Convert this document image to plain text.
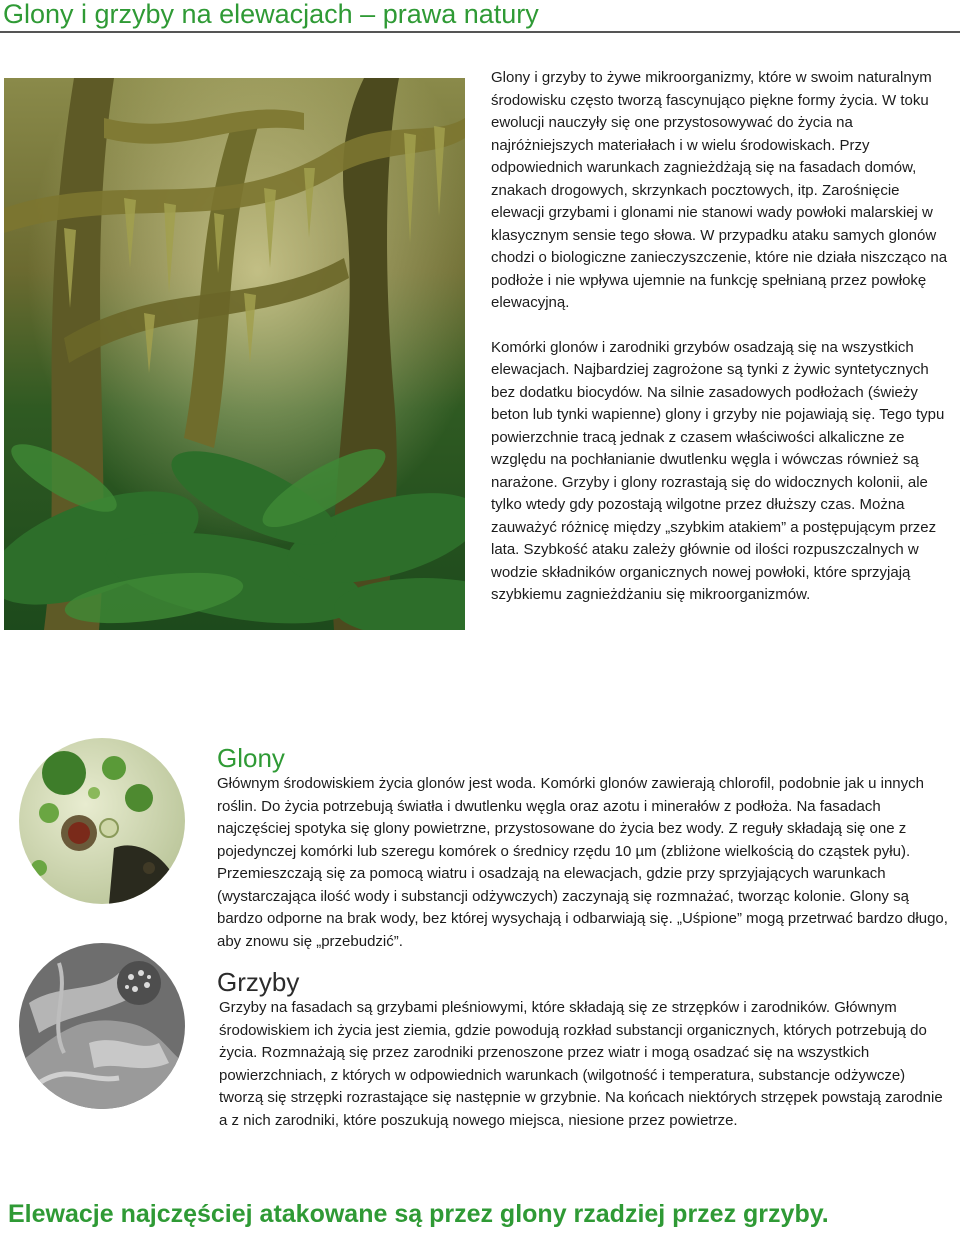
Glony i grzyby na elewacjach – prawa natury

Glony i grzyby to żywe mikroorganizmy, które w swoim naturalnym środowisku często tworzą fascynująco piękne formy życia. W toku ewolucji nauczyły się one przystosowywać do życia na najróżniejszych materiałach i w wielu środowiskach. Przy odpowiednich warunkach zagnieżdżają się na fasadach domów, znakach drogowych, skrzynkach pocztowych, itp. Zarośnięcie elewacji grzybami i glonami nie stanowi wady powłoki malarskiej w klasycznym sensie tego słowa. W przypadku ataku samych glonów chodzi o biologiczne zanieczyszczenie, które nie działa niszcząco na podłoże i nie wpływa ujemnie na funkcję spełnianą przez powłokę elewacyjną.

Komórki glonów i zarodniki grzybów osadzają się na wszystkich elewacjach. Najbardziej zagrożone są tynki z żywic syntetycznych bez dodatku biocydów. Na silnie zasadowych podłożach (świeży beton lub tynki wapienne) glony i grzyby nie pojawiają się. Tego typu powierzchnie tracą jednak z czasem właściwości alkaliczne ze względu na pochłanianie dwutlenku węgla i wówczas również są narażone. Grzyby i glony rozrastają się do widocznych kolonii, ale tylko wtedy gdy pozostają wilgotne przez dłuższy czas. Można zauważyć różnicę między „szybkim atakiem” a postępującym przez lata. Szybkość ataku zależy głównie od ilości rozpuszczalnych w wodzie składników organicznych nowej powłoki, które sprzyjają szybkiemu zagnieżdżaniu się mikroorganizmów.

Glony

Głównym środowiskiem życia glonów jest woda. Komórki glonów zawierają chlorofil, podobnie jak u innych roślin. Do życia potrzebują światła i dwutlenku węgla oraz azotu i minerałów z podłoża. Na fasadach najczęściej spotyka się glony powietrzne, przystosowane do życia bez wody. Z reguły składają się one z pojedynczej komórki lub szeregu komórek o średnicy rzędu 10 µm (zbliżone wielkością do cząstek pyłu). Przemieszczają się za pomocą wiatru i osadzają na elewacjach, gdzie przy sprzyjających warunkach (wystarczająca ilość wody i substancji odżywczych) zaczynają się rozmnażać, tworząc kolonie. Glony są bardzo odporne na brak wody, bez której wysychają i odbarwiają się. „Uśpione” mogą przetrwać bardzo długo, aby znowu się „przebudzić”.

Grzyby

Grzyby na fasadach są grzybami pleśniowymi, które składają się ze strzępków i zarodników. Głównym środowiskiem ich życia jest ziemia, gdzie powodują rozkład substancji organicznych, których potrzebują do życia. Rozmnażają się przez zarodniki przenoszone przez wiatr i mogą osadzać się na wszystkich powierzchniach, z których w odpowiednich warunkach (wilgotność i temperatura, substancje odżywcze) tworzą się strzępki rozrastające się następnie w grzybnie. Na końcach niektórych strzępek powstają zarodnie a z nich zarodniki, które poszukują nowego miejsca, niesione przez powietrze.

Elewacje najczęściej atakowane są przez glony rzadziej przez grzyby.
